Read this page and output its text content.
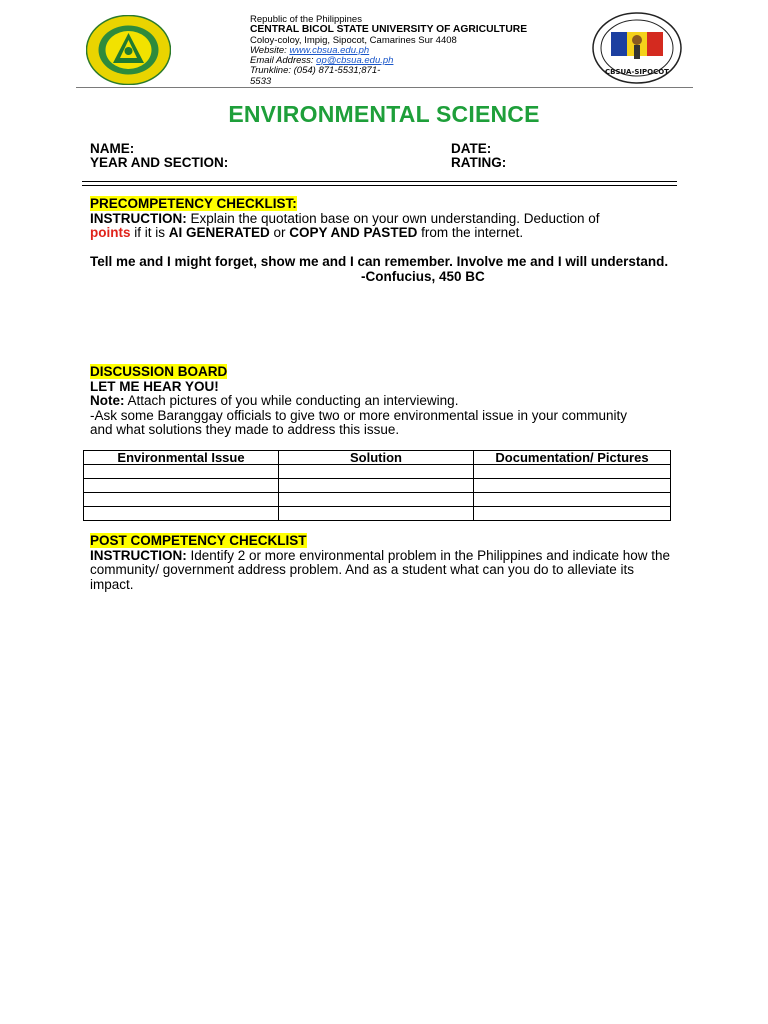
Republic of the Philippines
CENTRAL BICOL STATE UNIVERSITY OF AGRICULTURE
Coloy-coloy, Impig, Sipocot, Camarines Sur 4408
Website: www.cbsua.edu.ph
Email Address: op@cbsua.edu.ph
Trunkline: (054) 871-5531;871-
5533
CBSUA-SIPOCOT
ENVIRONMENTAL SCIENCE
NAME:	DATE:
YEAR AND SECTION:	RATING:
PRECOMPETENCY CHECKLIST:
INSTRUCTION: Explain the quotation base on your own understanding. Deduction of
points if it is AI GENERATED or COPY AND PASTED from the internet.
Tell me and I might forget, show me and I can remember. Involve me and I will understand.
-Confucius, 450 BC
DISCUSSION BOARD
LET ME HEAR YOU!
Note: Attach pictures of you while conducting an interviewing.
-Ask some Baranggay officials to give two or more environmental issue in your community and what solutions they made to address this issue.
Environmental Issue	Solution	Documentation/ Pictures

POST COMPETENCY CHECKLIST
INSTRUCTION: Identify 2 or more environmental problem in the Philippines and indicate how the community/ government address problem. And as a student what can you do to alleviate its impact.
